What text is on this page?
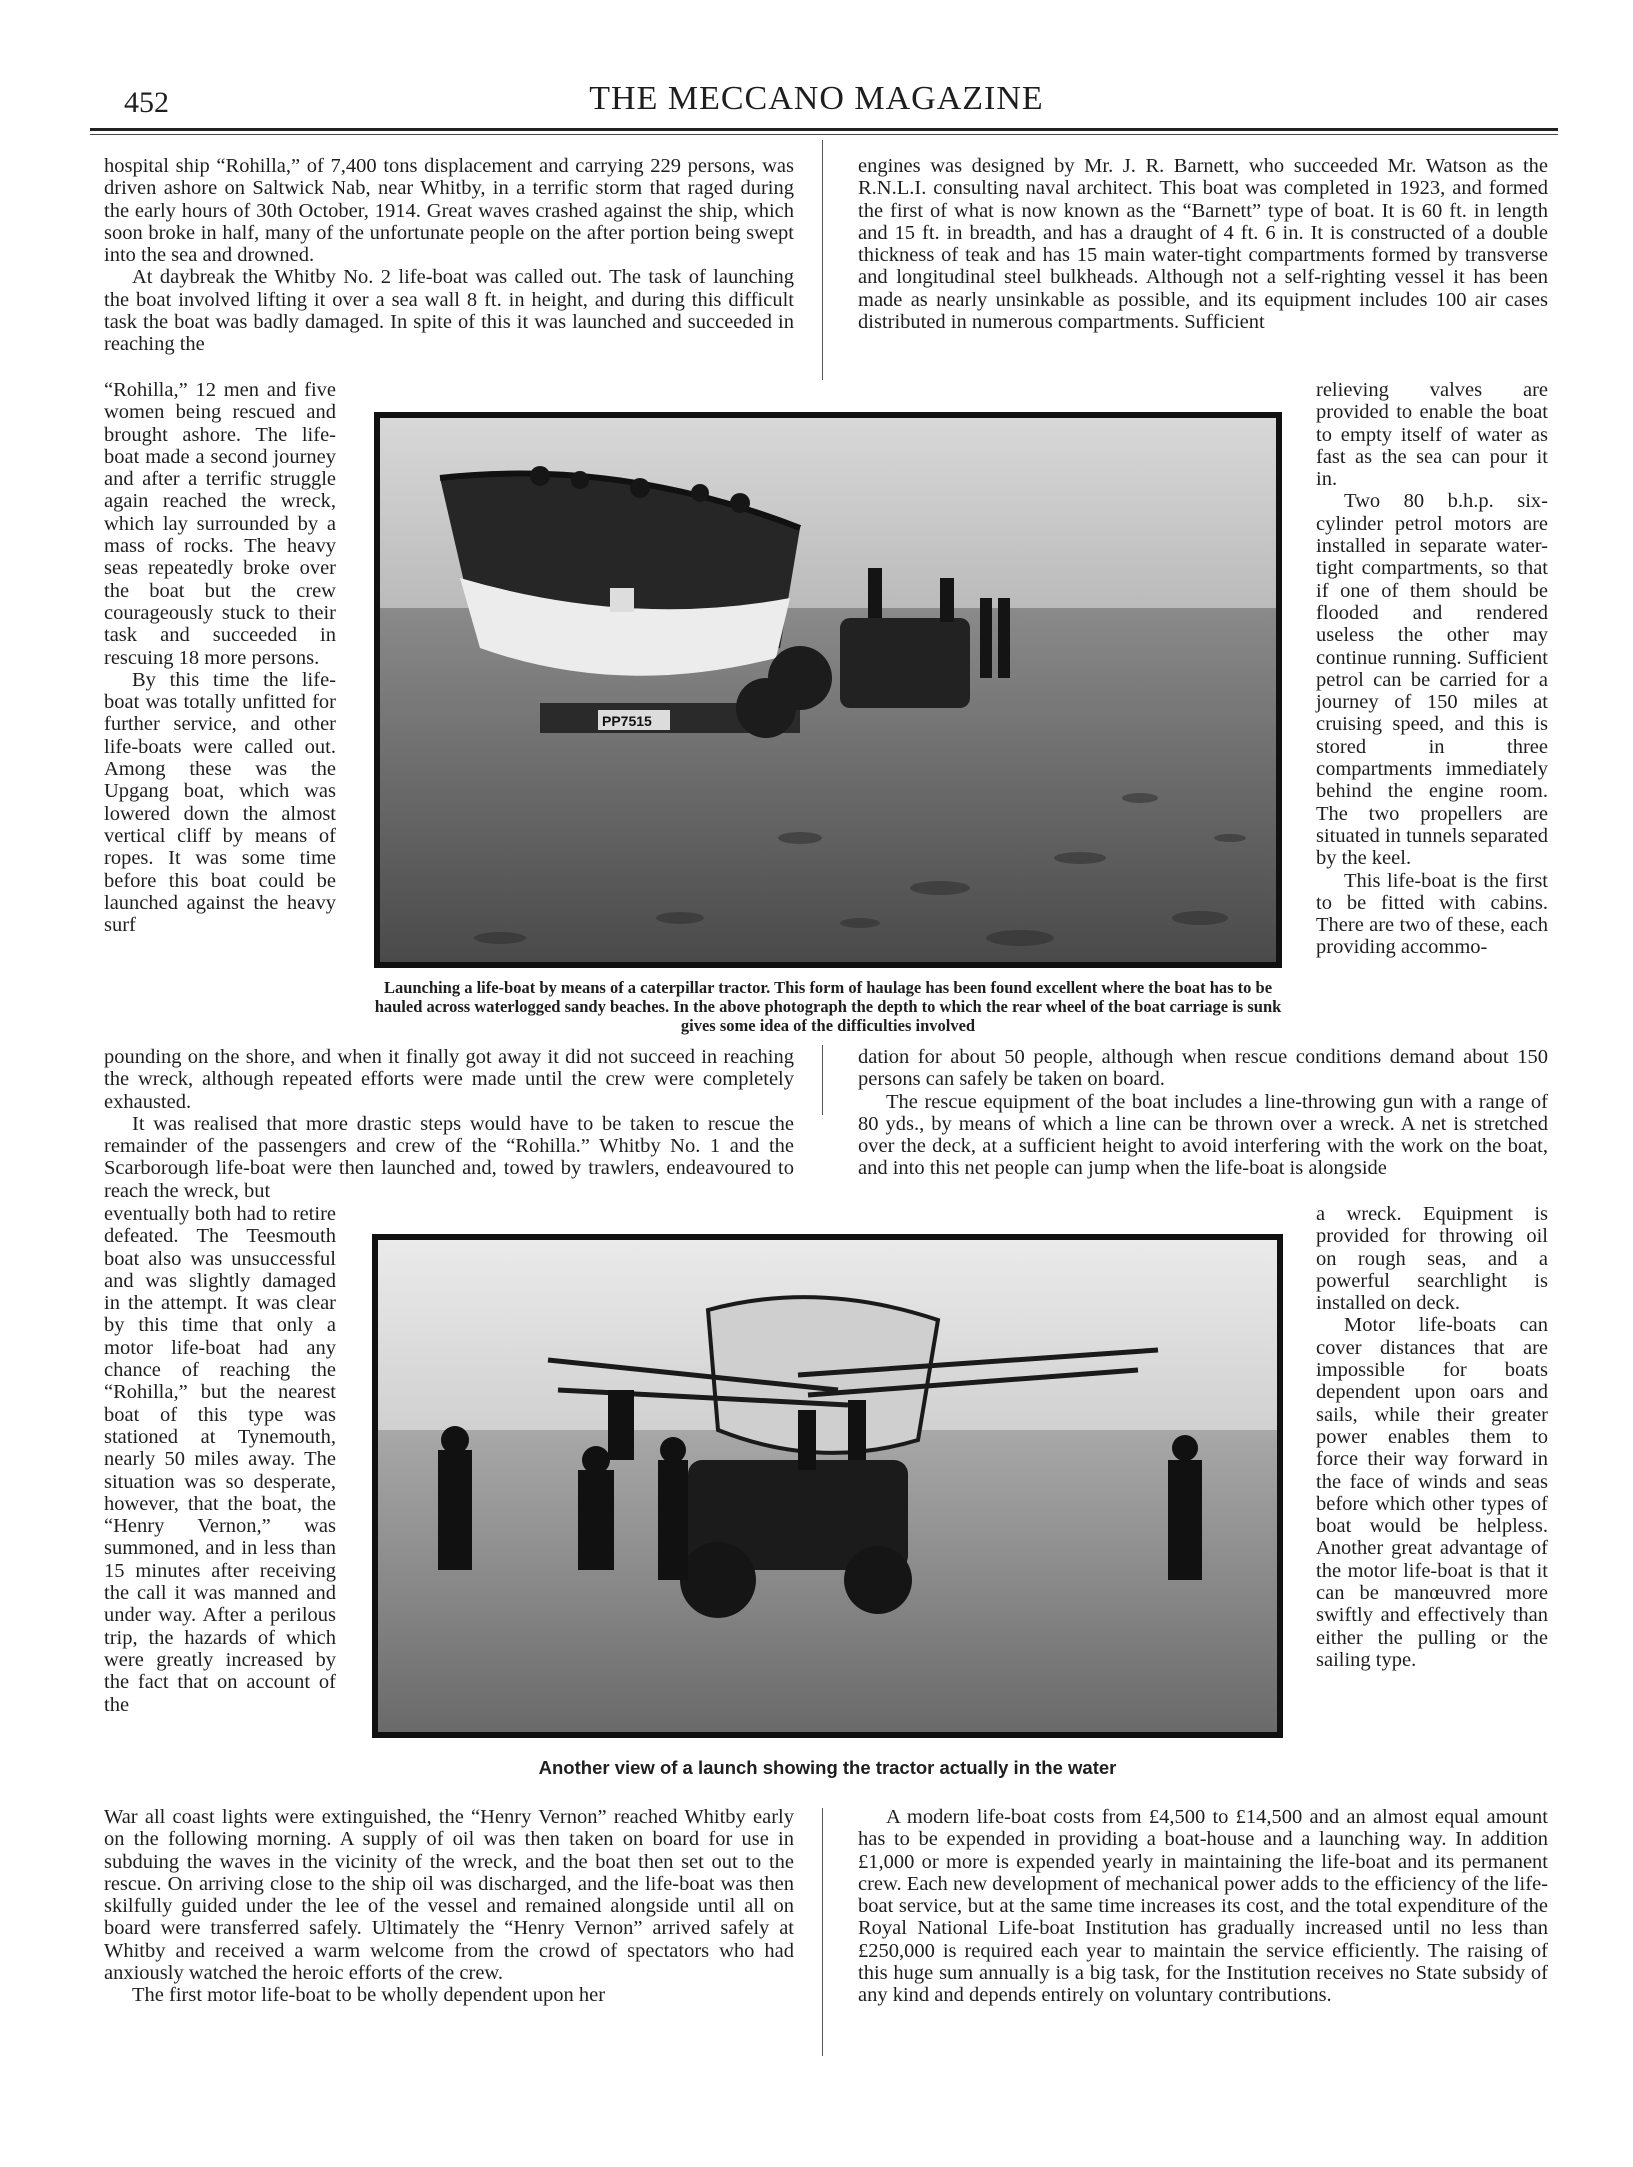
452	THE MECCANO MAGAZINE

hospital ship “Rohilla,” of 7,400 tons displacement and carrying 229 persons, was driven ashore on Saltwick Nab, near Whitby, in a terrific storm that raged during the early hours of 30th October, 1914. Great waves crashed against the ship, which soon broke in half, many of the unfortunate people on the after portion being swept into the sea and drowned.

At daybreak the Whitby No. 2 life-boat was called out. The task of launching the boat involved lifting it over a sea wall 8 ft. in height, and during this difficult task the boat was badly damaged. In spite of this it was launched and succeeded in reaching the

“Rohilla,” 12 men and five women being rescued and brought ashore. The life-boat made a second journey and after a terrific struggle again reached the wreck, which lay surrounded by a mass of rocks. The heavy seas repeatedly broke over the boat but the crew courageously stuck to their task and succeeded in rescuing 18 more persons.

By this time the life-boat was totally unfitted for further service, and other life-boats were called out. Among these was the Upgang boat, which was lowered down the almost vertical cliff by means of ropes. It was some time before this boat could be launched against the heavy surf

pounding on the shore, and when it finally got away it did not succeed in reaching the wreck, although repeated efforts were made until the crew were completely exhausted.

It was realised that more drastic steps would have to be taken to rescue the remainder of the passengers and crew of the “Rohilla.” Whitby No. 1 and the Scarborough life-boat were then launched and, towed by trawlers, endeavoured to reach the wreck, but

eventually both had to retire defeated. The Teesmouth boat also was unsuccessful and was slightly damaged in the attempt. It was clear by this time that only a motor life-boat had any chance of reaching the “Rohilla,” but the nearest boat of this type was stationed at Tynemouth, nearly 50 miles away. The situation was so desperate, however, that the boat, the “Henry Vernon,” was summoned, and in less than 15 minutes after receiving the call it was manned and under way. After a perilous trip, the hazards of which were greatly increased by the fact that on account of the

War all coast lights were extinguished, the “Henry Vernon” reached Whitby early on the following morning. A supply of oil was then taken on board for use in subduing the waves in the vicinity of the wreck, and the boat then set out to the rescue. On arriving close to the ship oil was discharged, and the life-boat was then skilfully guided under the lee of the vessel and remained alongside until all on board were transferred safely. Ultimately the “Henry Vernon” arrived safely at Whitby and received a warm welcome from the crowd of spectators who had anxiously watched the heroic efforts of the crew.

The first motor life-boat to be wholly dependent upon her

engines was designed by Mr. J. R. Barnett, who succeeded Mr. Watson as the R.N.L.I. consulting naval architect. This boat was completed in 1923, and formed the first of what is now known as the “Barnett” type of boat. It is 60 ft. in length and 15 ft. in breadth, and has a draught of 4 ft. 6 in. It is constructed of a double thickness of teak and has 15 main water-tight compartments formed by transverse and longitudinal steel bulkheads. Although not a self-righting vessel it has been made as nearly unsinkable as possible, and its equipment includes 100 air cases distributed in numerous compartments. Sufficient

relieving valves are provided to enable the boat to empty itself of water as fast as the sea can pour it in.

Two 80 b.h.p. six-cylinder petrol motors are installed in separate water-tight compartments, so that if one of them should be flooded and rendered useless the other may continue running. Sufficient petrol can be carried for a journey of 150 miles at cruising speed, and this is stored in three compartments immediately behind the engine room. The two propellers are situated in tunnels separated by the keel.

This life-boat is the first to be fitted with cabins. There are two of these, each providing accommo-

dation for about 50 people, although when rescue conditions demand about 150 persons can safely be taken on board.

The rescue equipment of the boat includes a line-throwing gun with a range of 80 yds., by means of which a line can be thrown over a wreck. A net is stretched over the deck, at a sufficient height to avoid interfering with the work on the boat, and into this net people can jump when the life-boat is alongside

a wreck. Equipment is provided for throwing oil on rough seas, and a powerful searchlight is installed on deck.

Motor life-boats can cover distances that are impossible for boats dependent upon oars and sails, while their greater power enables them to force their way forward in the face of winds and seas before which other types of boat would be helpless. Another great advantage of the motor life-boat is that it can be manœuvred more swiftly and effectively than either the pulling or the sailing type.

A modern life-boat costs from £4,500 to £14,500 and an almost equal amount has to be expended in providing a boat-house and a launching way. In addition £1,000 or more is expended yearly in maintaining the life-boat and its permanent crew. Each new development of mechanical power adds to the efficiency of the life-boat service, but at the same time increases its cost, and the total expenditure of the Royal National Life-boat Institution has gradually increased until no less than £250,000 is required each year to maintain the service efficiently. The raising of this huge sum annually is a big task, for the Institution receives no State subsidy of any kind and depends entirely on voluntary contributions.

PP7515
Launching a life-boat by means of a caterpillar tractor. This form of haulage has been found excellent where the boat has to be hauled across waterlogged sandy beaches. In the above photograph the depth to which the rear wheel of the boat carriage is sunk gives some idea of the difficulties involved
Another view of a launch showing the tractor actually in the water
